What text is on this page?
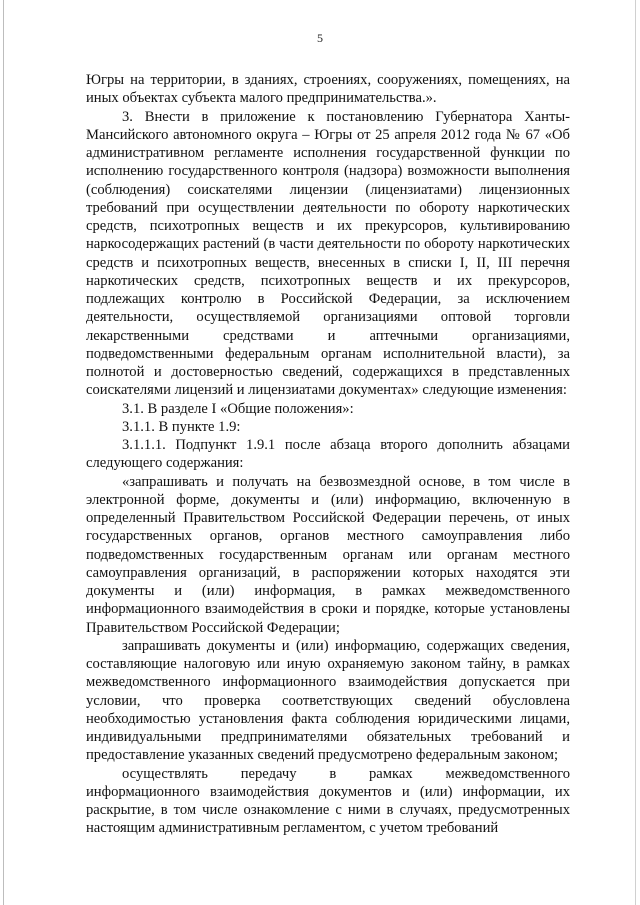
5

Югры на территории, в зданиях, строениях, сооружениях, помещениях, на иных объектах субъекта малого предпринимательства.».

3. Внести в приложение к постановлению Губернатора Ханты-Мансийского автономного округа – Югры от 25 апреля 2012 года № 67 «Об административном регламенте исполнения государственной функции по исполнению государственного контроля (надзора) возможности выполнения (соблюдения) соискателями лицензии (лицензиатами) лицензионных требований при осуществлении деятельности по обороту наркотических средств, психотропных веществ и их прекурсоров, культивированию наркосодержащих растений (в части деятельности по обороту наркотических средств и психотропных веществ, внесенных в списки I, II, III перечня наркотических средств, психотропных веществ и их прекурсоров, подлежащих контролю в Российской Федерации, за исключением деятельности, осуществляемой организациями оптовой торговли лекарственными средствами и аптечными организациями, подведомственными федеральным органам исполнительной власти), за полнотой и достоверностью сведений, содержащихся в представленных соискателями лицензий и лицензиатами документах» следующие изменения:

3.1. В разделе I «Общие положения»:

3.1.1. В пункте 1.9:

3.1.1.1. Подпункт 1.9.1 после абзаца второго дополнить абзацами следующего содержания:

«запрашивать и получать на безвозмездной основе, в том числе в электронной форме, документы и (или) информацию, включенную в определенный Правительством Российской Федерации перечень, от иных государственных органов, органов местного самоуправления либо подведомственных государственным органам или органам местного самоуправления организаций, в распоряжении которых находятся эти документы и (или) информация, в рамках межведомственного информационного взаимодействия в сроки и порядке, которые установлены Правительством Российской Федерации;

запрашивать документы и (или) информацию, содержащих сведения, составляющие налоговую или иную охраняемую законом тайну, в рамках межведомственного информационного взаимодействия допускается при условии, что проверка соответствующих сведений обусловлена необходимостью установления факта соблюдения юридическими лицами, индивидуальными предпринимателями обязательных требований и предоставление указанных сведений предусмотрено федеральным законом;

осуществлять передачу в рамках межведомственного информационного взаимодействия документов и (или) информации, их раскрытие, в том числе ознакомление с ними в случаях, предусмотренных настоящим административным регламентом, с учетом требований
